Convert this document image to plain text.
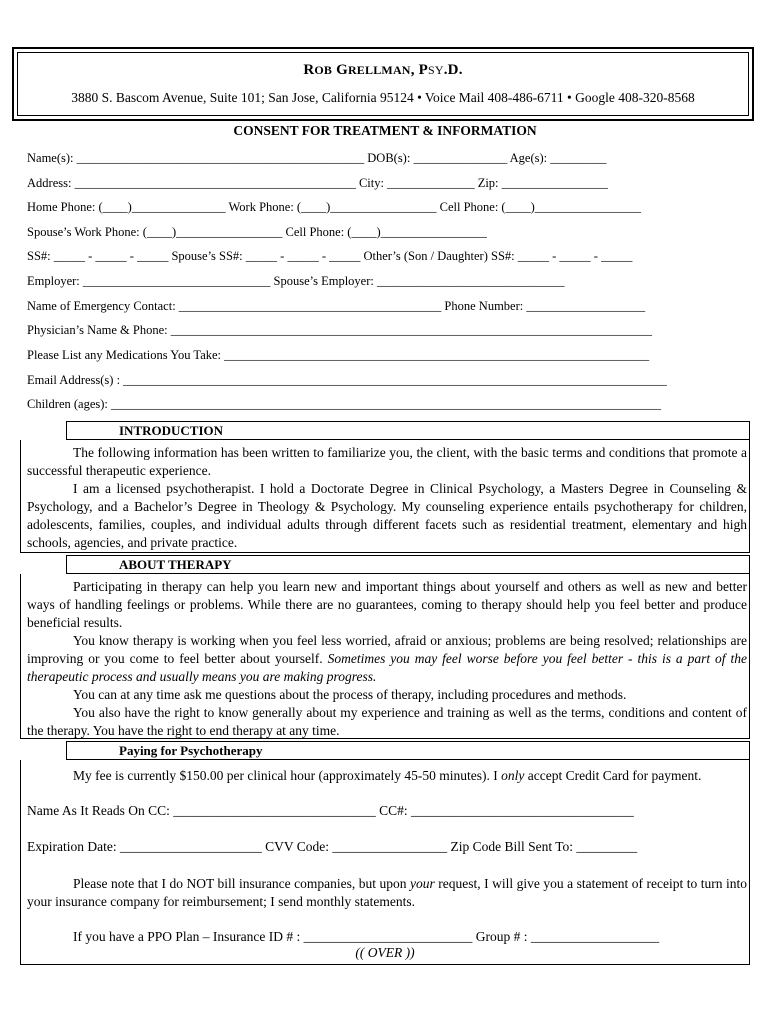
ROB GRELLMAN, PSY.D.
3880 S. Bascom Avenue, Suite 101; San Jose, California 95124 • Voice Mail 408-486-6711 • Google 408-320-8568
CONSENT FOR TREATMENT & INFORMATION
Name(s): ______________________________________________ DOB(s): _______________ Age(s): _________
Address: _____________________________________________ City: ______________ Zip: _________________
Home Phone: (____)_______________ Work Phone: (____)_________________ Cell Phone: (____)_________________
Spouse’s Work Phone: (____)_________________ Cell Phone: (____)_________________
SS#: _____ - _____ - _____ Spouse’s SS#: _____ - _____ - _____ Other’s (Son / Daughter) SS#: _____ - _____ - _____
Employer: ______________________________ Spouse’s Employer: ______________________________
Name of Emergency Contact: __________________________________________ Phone Number: ___________________
Physician’s Name & Phone: _____________________________________________________________________________
Please List any Medications You Take: ____________________________________________________________________
Email Address(s) : _______________________________________________________________________________________
Children (ages): ________________________________________________________________________________________
INTRODUCTION

The following information has been written to familiarize you, the client, with the basic terms and conditions that promote a successful therapeutic experience.

I am a licensed psychotherapist. I hold a Doctorate Degree in Clinical Psychology, a Masters Degree in Counseling & Psychology, and a Bachelor’s Degree in Theology & Psychology. My counseling experience entails psychotherapy for children, adolescents, families, couples, and individual adults through different facets such as residential treatment, elementary and high schools, agencies, and private practice.

ABOUT THERAPY

Participating in therapy can help you learn new and important things about yourself and others as well as new and better ways of handling feelings or problems. While there are no guarantees, coming to therapy should help you feel better and produce beneficial results.

You know therapy is working when you feel less worried, afraid or anxious; problems are being resolved; relationships are improving or you come to feel better about yourself. Sometimes you may feel worse before you feel better - this is a part of the therapeutic process and usually means you are making progress.

You can at any time ask me questions about the process of therapy, including procedures and methods.

You also have the right to know generally about my experience and training as well as the terms, conditions and content of the therapy. You have the right to end therapy at any time.

Paying for Psychotherapy

My fee is currently $150.00 per clinical hour (approximately 45-50 minutes). I only accept Credit Card for payment.

Name As It Reads On CC: ______________________________ CC#: _________________________________
Expiration Date: _____________________ CVV Code: _________________ Zip Code Bill Sent To: _________

Please note that I do NOT bill insurance companies, but upon your request, I will give you a statement of receipt to turn into your insurance company for reimbursement; I send monthly statements.

If you have a PPO Plan – Insurance ID # : _________________________ Group # : ___________________
(( OVER ))
